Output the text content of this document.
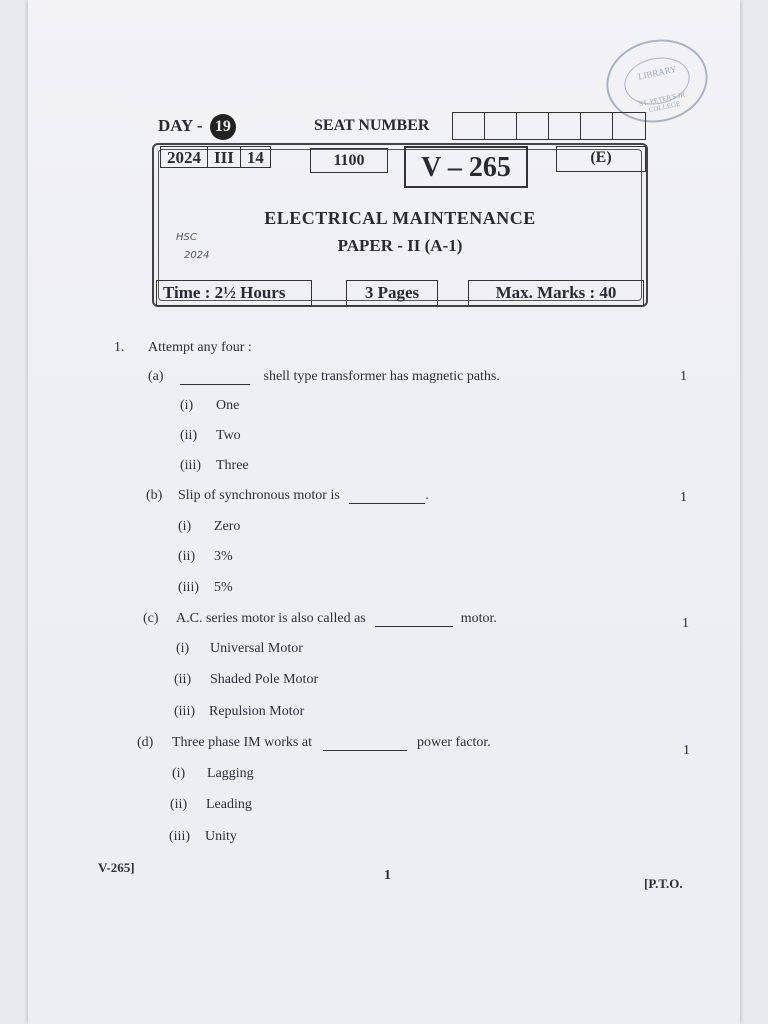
LIBRARY
ST. PETER'S JR. COLLEGE
DAY - 19	SEAT NUMBER
2024 III 14	1100	V – 265	(E)
ELECTRICAL MAINTENANCE
PAPER - II (A-1)
HSC
2024
Time : 2½ Hours	3 Pages	Max. Marks : 40
1. Attempt any four :
(a)	shell type transformer has magnetic paths.	1
(i) One
(ii) Two
(iii) Three
(b) Slip of synchronous motor is	.	1
(i) Zero
(ii) 3%
(iii) 5%
(c) A.C. series motor is also called as	motor.	1
(i) Universal Motor
(ii) Shaded Pole Motor
(iii) Repulsion Motor
(d) Three phase IM works at	power factor.
1
(i) Lagging
(ii) Leading
(iii) Unity
V-265]
1
[P.T.O.
